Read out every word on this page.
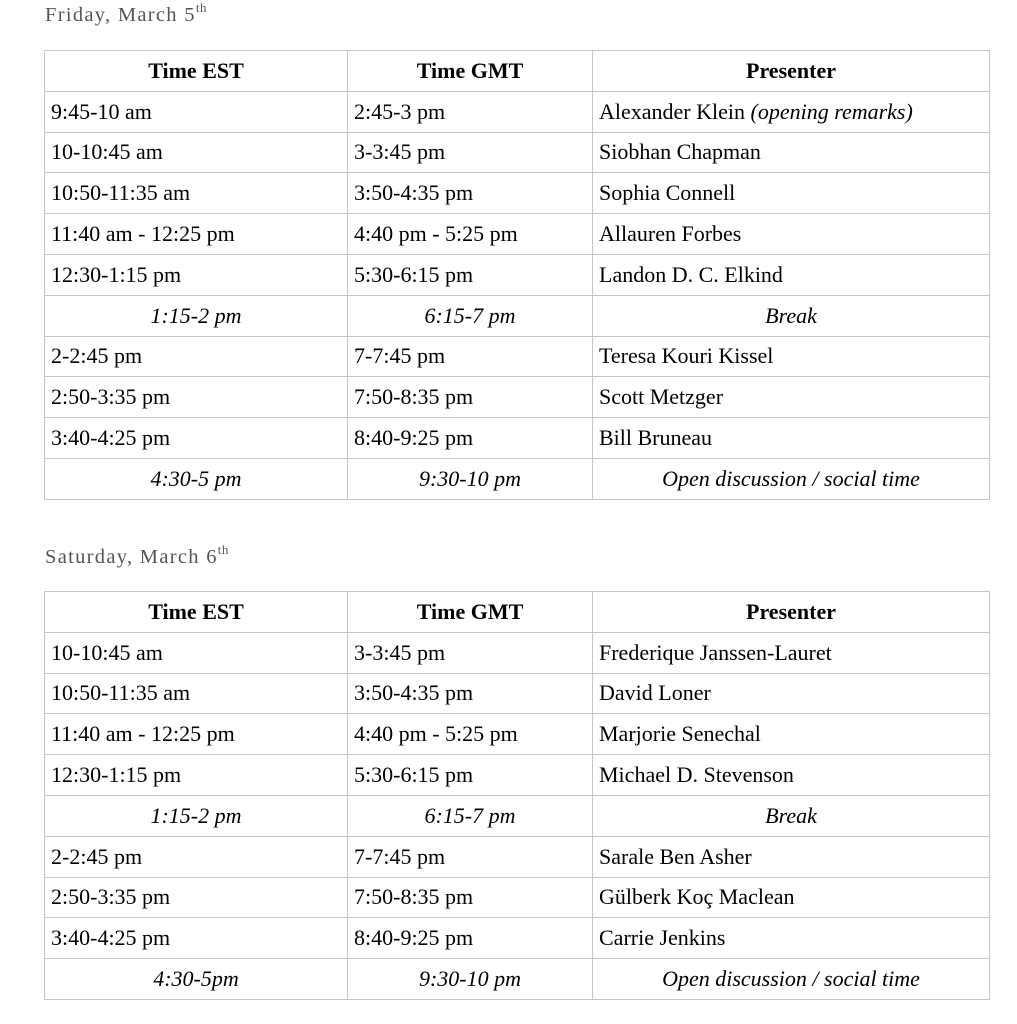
Friday, March 5th
Time EST	Time GMT	Presenter
9:45-10 am	2:45-3 pm	Alexander Klein (opening remarks)
10-10:45 am	3-3:45 pm	Siobhan Chapman
10:50-11:35 am	3:50-4:35 pm	Sophia Connell
11:40 am - 12:25 pm	4:40 pm - 5:25 pm	Allauren Forbes
12:30-1:15 pm	5:30-6:15 pm	Landon D. C. Elkind
1:15-2 pm	6:15-7 pm	Break
2-2:45 pm	7-7:45 pm	Teresa Kouri Kissel
2:50-3:35 pm	7:50-8:35 pm	Scott Metzger
3:40-4:25 pm	8:40-9:25 pm	Bill Bruneau
4:30-5 pm	9:30-10 pm	Open discussion / social time
Saturday, March 6th
Time EST	Time GMT	Presenter
10-10:45 am	3-3:45 pm	Frederique Janssen-Lauret
10:50-11:35 am	3:50-4:35 pm	David Loner
11:40 am - 12:25 pm	4:40 pm - 5:25 pm	Marjorie Senechal
12:30-1:15 pm	5:30-6:15 pm	Michael D. Stevenson
1:15-2 pm	6:15-7 pm	Break
2-2:45 pm	7-7:45 pm	Sarale Ben Asher
2:50-3:35 pm	7:50-8:35 pm	Gülberk Koç Maclean
3:40-4:25 pm	8:40-9:25 pm	Carrie Jenkins
4:30-5pm	9:30-10 pm	Open discussion / social time
